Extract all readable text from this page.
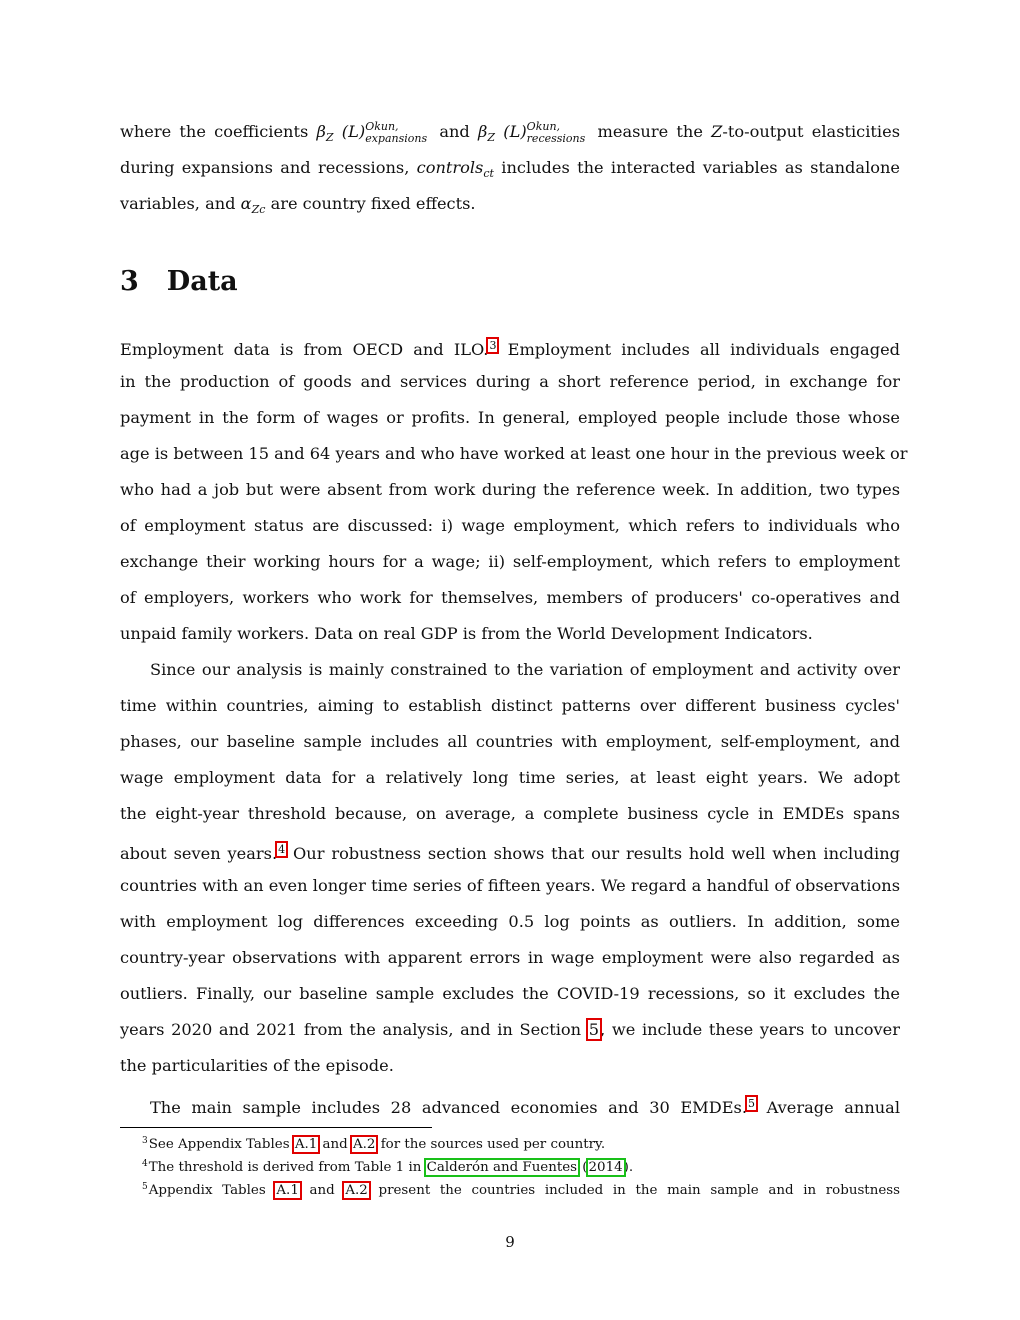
where the coefficients $\beta_Z$ (L) Okun,
expansions and $\beta_Z$ (L) Okun,
recessions measure the Z-to-output elasticities
during expansions and recessions, controls$_{ct}$ includes the interacted variables as standalone
variables, and $\alpha_{Zc}$ are country fixed effects.
3 Data
Employment data is from OECD and ILO.$^3$ Employment includes all individuals engaged
in the production of goods and services during a short reference period, in exchange for
payment in the form of wages or profits. In general, employed people include those whose
age is between 15 and 64 years and who have worked at least one hour in the previous week or
who had a job but were absent from work during the reference week. In addition, two types
of employment status are discussed: i) wage employment, which refers to individuals who
exchange their working hours for a wage; ii) self-employment, which refers to employment
of employers, workers who work for themselves, members of producers' co-operatives and
unpaid family workers. Data on real GDP is from the World Development Indicators.
Since our analysis is mainly constrained to the variation of employment and activity over
time within countries, aiming to establish distinct patterns over different business cycles'
phases, our baseline sample includes all countries with employment, self-employment, and
wage employment data for a relatively long time series, at least eight years. We adopt
the eight-year threshold because, on average, a complete business cycle in EMDEs spans
about seven years.$^4$ Our robustness section shows that our results hold well when including
countries with an even longer time series of fifteen years. We regard a handful of observations
with employment log differences exceeding 0.5 log points as outliers. In addition, some
country-year observations with apparent errors in wage employment were also regarded as
outliers. Finally, our baseline sample excludes the COVID-19 recessions, so it excludes the
years 2020 and 2021 from the analysis, and in Section 5, we include these years to uncover
the particularities of the episode.
The main sample includes 28 advanced economies and 30 EMDEs.$^5$ Average annual
$^3$See Appendix Tables A.1 and A.2 for the sources used per country.
$^4$The threshold is derived from Table 1 in Calderón and Fuentes (2014).
$^5$Appendix Tables A.1 and A.2 present the countries included in the main sample and in robustness
9
